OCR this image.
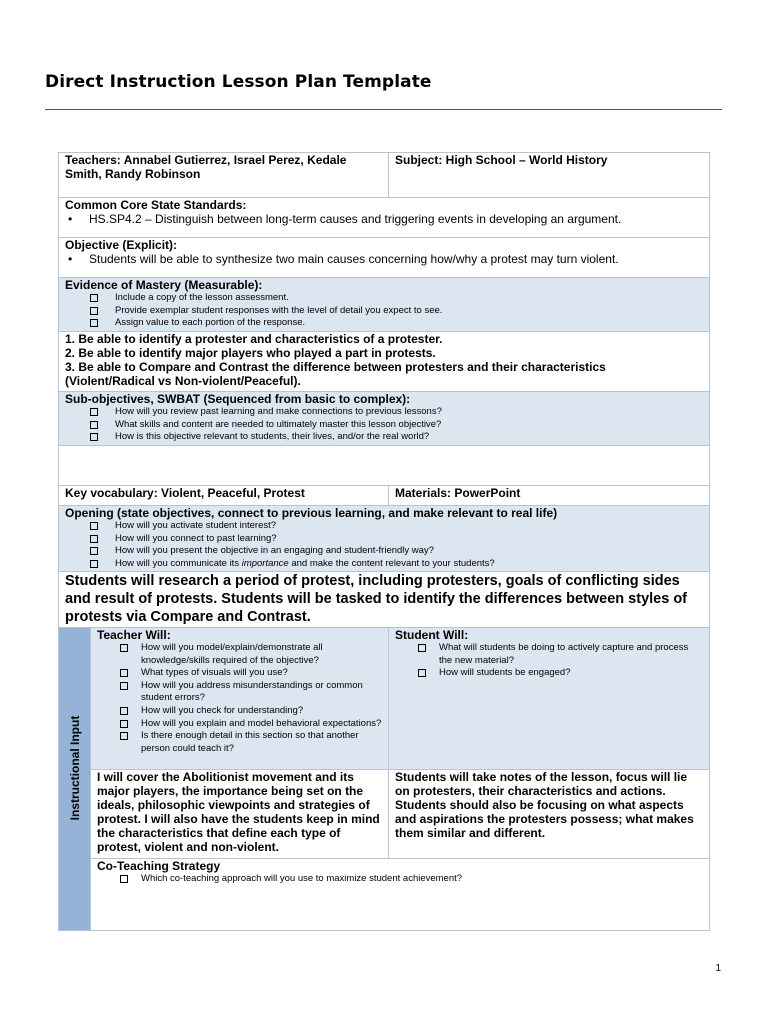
Direct Instruction Lesson Plan Template
Teachers: Annabel Gutierrez, Israel Perez, Kedale Smith, Randy Robinson
Subject: High School – World History
Common Core State Standards:
• HS.SP4.2 – Distinguish between long-term causes and triggering events in developing an argument.
Objective (Explicit):
• Students will be able to synthesize two main causes concerning how/why a protest may turn violent.
Evidence of Mastery (Measurable):
Include a copy of the lesson assessment.
Provide exemplar student responses with the level of detail you expect to see.
Assign value to each portion of the response.
1. Be able to identify a protester and characteristics of a protester.
2. Be able to identify major players who played a part in protests.
3. Be able to Compare and Contrast the difference between protesters and their characteristics
(Violent/Radical vs Non-violent/Peaceful).
Sub-objectives, SWBAT (Sequenced from basic to complex):
How will you review past learning and make connections to previous lessons?
What skills and content are needed to ultimately master this lesson objective?
How is this objective relevant to students, their lives, and/or the real world?
Key vocabulary: Violent, Peaceful, Protest	Materials: PowerPoint
Opening (state objectives, connect to previous learning, and make relevant to real life)
How will you activate student interest?
How will you connect to past learning?
How will you present the objective in an engaging and student-friendly way?
How will you communicate its importance and make the content relevant to your students?
Students will research a period of protest, including protesters, goals of conflicting sides and result of protests. Students will be tasked to identify the differences between styles of protests via Compare and Contrast.
Instructional Input
Teacher Will:
How will you model/explain/demonstrate all knowledge/skills required of the objective?
What types of visuals will you use?
How will you address misunderstandings or common student errors?
How will you check for understanding?
How will you explain and model behavioral expectations?
Is there enough detail in this section so that another person could teach it?
Student Will:
What will students be doing to actively capture and process the new material?
How will students be engaged?
I will cover the Abolitionist movement and its major players, the importance being set on the ideals, philosophic viewpoints and strategies of protest. I will also have the students keep in mind the characteristics that define each type of protest, violent and non-violent.
Students will take notes of the lesson, focus will lie on protesters, their characteristics and actions. Students should also be focusing on what aspects and aspirations the protesters possess; what makes them similar and different.
Co-Teaching Strategy
Which co-teaching approach will you use to maximize student achievement?
1
